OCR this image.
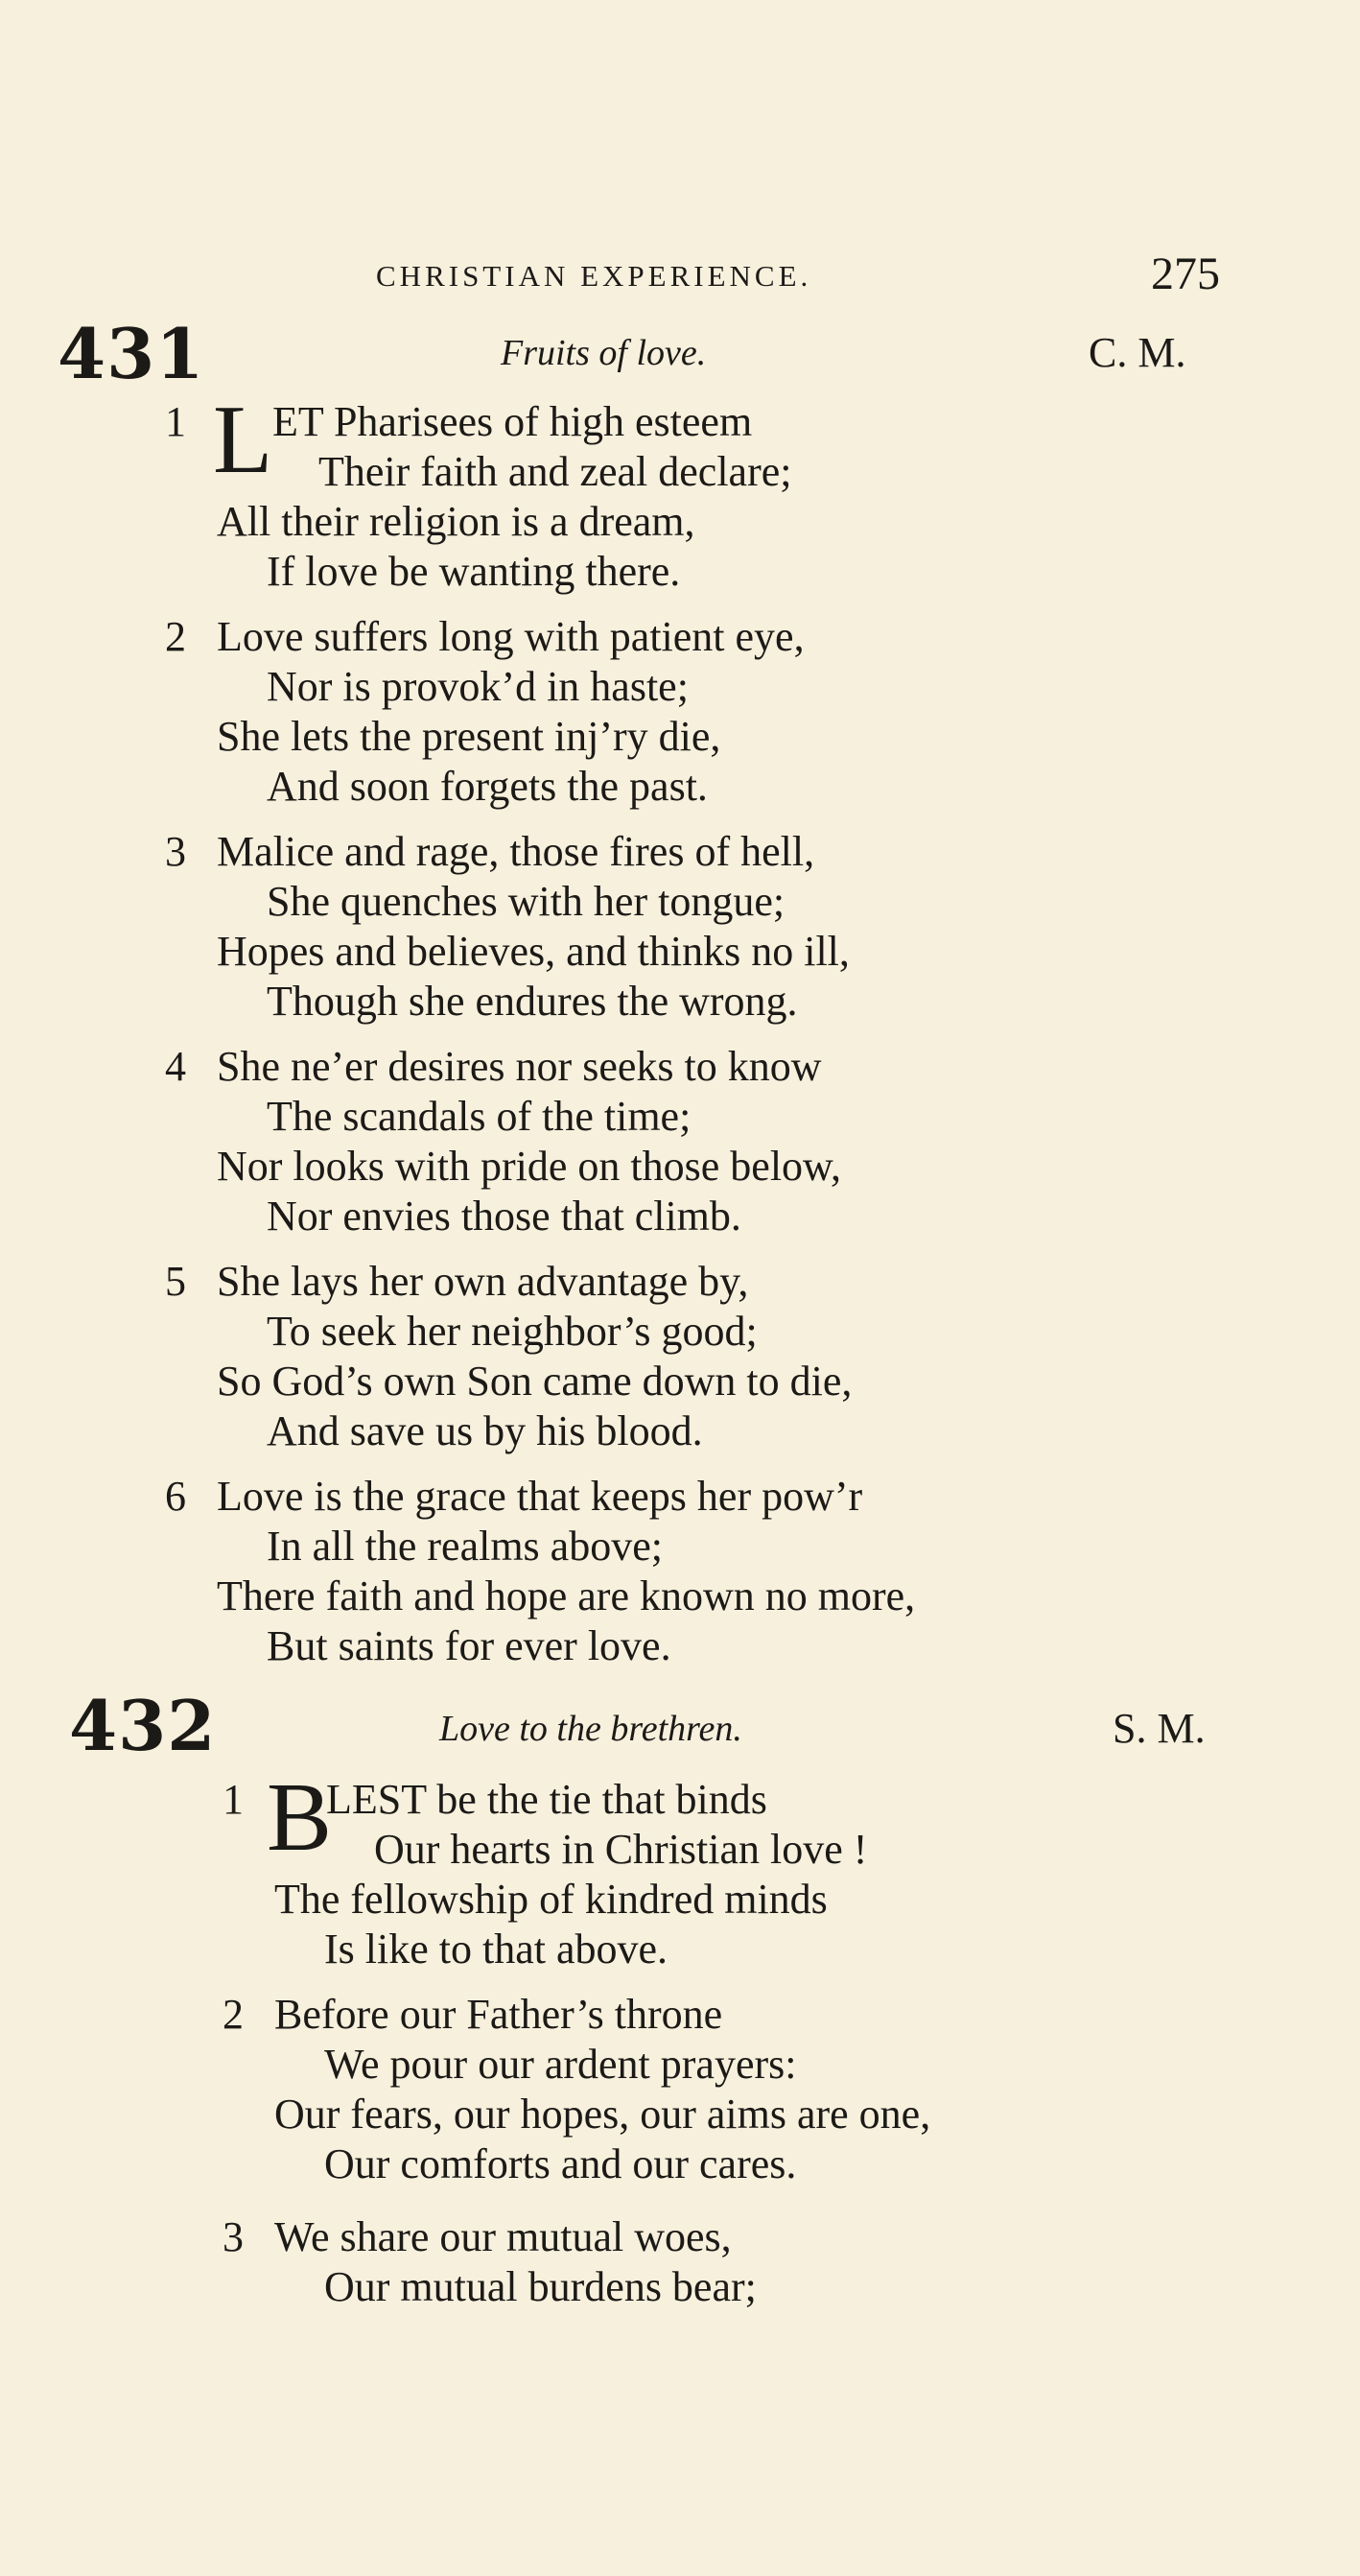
CHRISTIAN EXPERIENCE.	275
431	Fruits of love.	C. M.
1 L ET Pharisees of high esteem
Their faith and zeal declare;
All their religion is a dream,
If love be wanting there.
2 Love suffers long with patient eye,
Nor is provok’d in haste;
She lets the present inj’ry die,
And soon forgets the past.
3 Malice and rage, those fires of hell,
She quenches with her tongue;
Hopes and believes, and thinks no ill,
Though she endures the wrong.
4 She ne’er desires nor seeks to know
The scandals of the time;
Nor looks with pride on those below,
Nor envies those that climb.
5 She lays her own advantage by,
To seek her neighbor’s good;
So God’s own Son came down to die,
And save us by his blood.
6 Love is the grace that keeps her pow’r
In all the realms above;
There faith and hope are known no more,
But saints for ever love.
432	Love to the brethren.	S. M.
1 B
LEST be the tie that binds
Our hearts in Christian love !
The fellowship of kindred minds
Is like to that above.
2 Before our Father’s throne
We pour our ardent prayers:
Our fears, our hopes, our aims are one,
Our comforts and our cares.
3 We share our mutual woes,
Our mutual burdens bear;
